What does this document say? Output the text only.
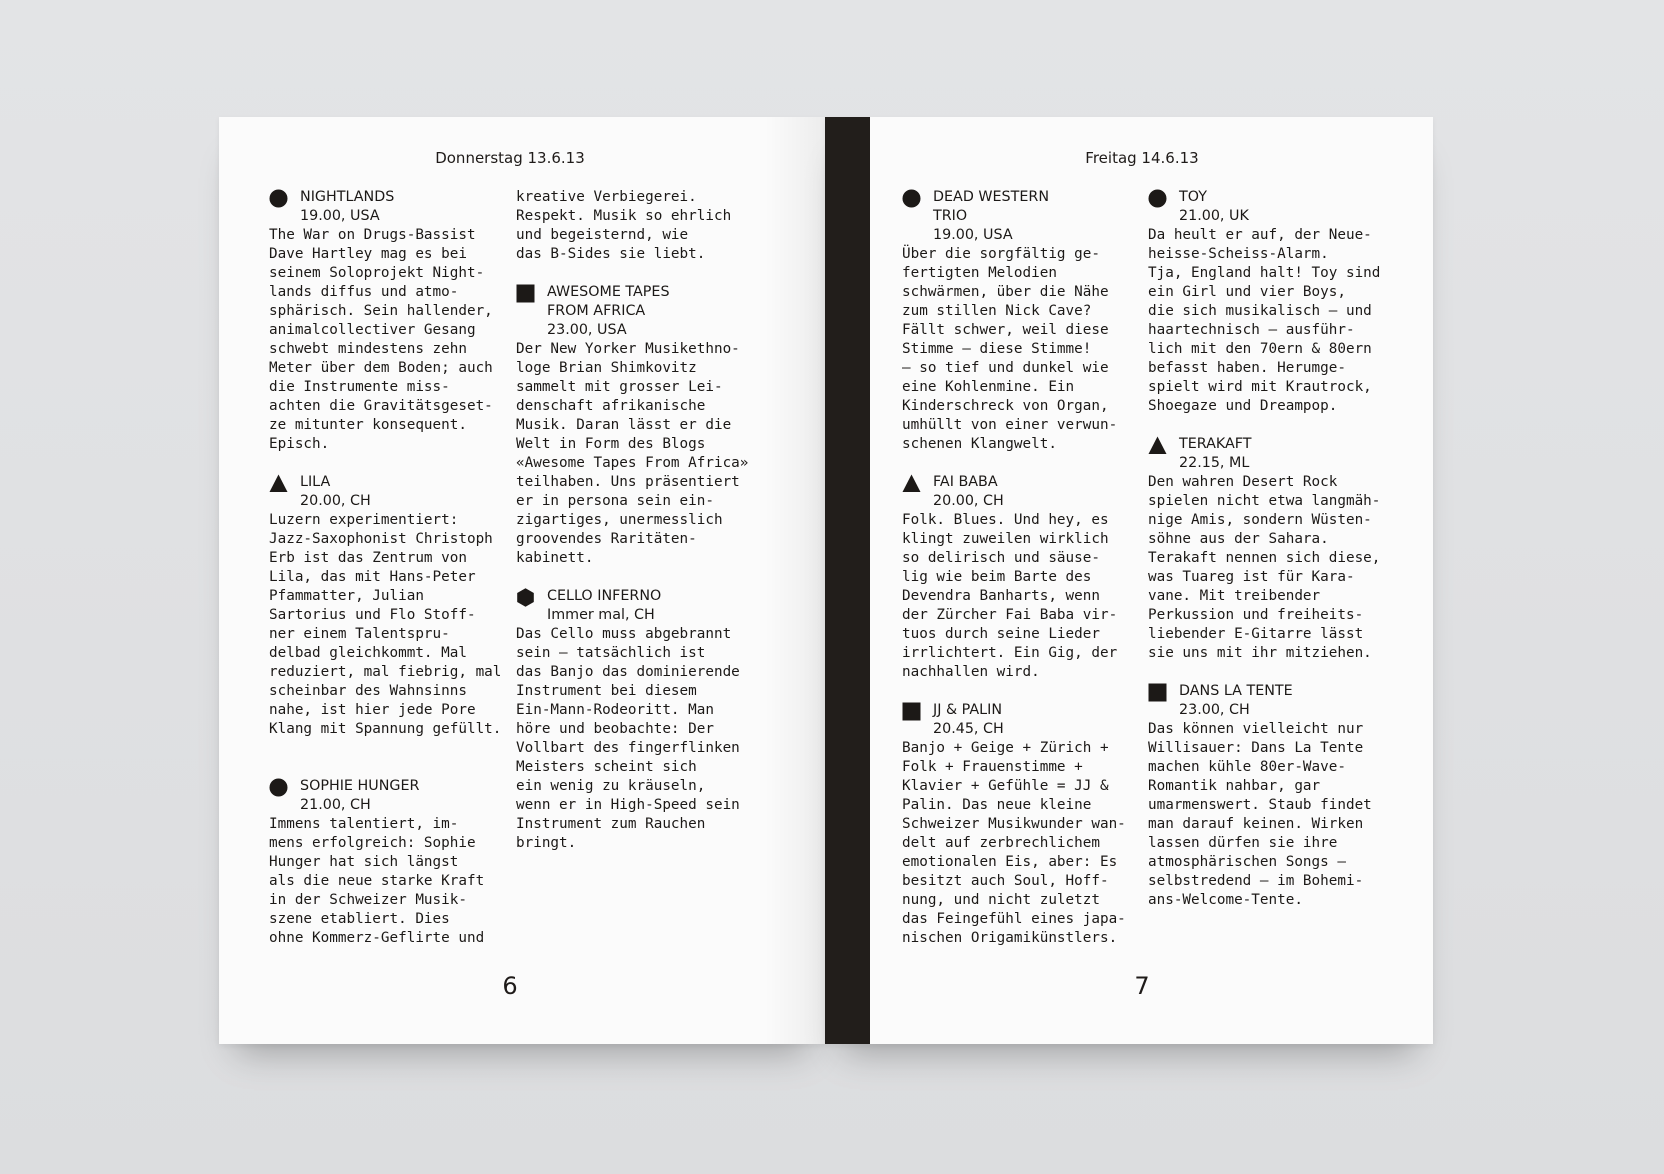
Donnerstag 13.6.13	Freitag 14.6.13
6	7
NIGHTLANDS
19.00, USA

The War on Drugs-Bassist
Dave Hartley mag es bei
seinem Soloprojekt Night-
lands diffus und atmo-
sphärisch. Sein hallender,
animalcollectiver Gesang
schwebt mindestens zehn
Meter über dem Boden; auch
die Instrumente miss-
achten die Gravitätsgeset-
ze mitunter konsequent.
Episch.

LILA
20.00, CH

Luzern experimentiert:
Jazz-Saxophonist Christoph
Erb ist das Zentrum von
Lila, das mit Hans-Peter
Pfammatter, Julian
Sartorius und Flo Stoff-
ner einem Talentspru-
delbad gleichkommt. Mal
reduziert, mal fiebrig, mal
scheinbar des Wahnsinns
nahe, ist hier jede Pore
Klang mit Spannung gefüllt.

SOPHIE HUNGER
21.00, CH

Immens talentiert, im-
mens erfolgreich: Sophie
Hunger hat sich längst
als die neue starke Kraft
in der Schweizer Musik-
szene etabliert. Dies
ohne Kommerz-Geflirte und

kreative Verbiegerei.
Respekt. Musik so ehrlich
und begeisternd, wie
das B-Sides sie liebt.

AWESOME TAPES
FROM AFRICA
23.00, USA

Der New Yorker Musikethno-
loge Brian Shimkovitz
sammelt mit grosser Lei-
denschaft afrikanische
Musik. Daran lässt er die
Welt in Form des Blogs
«Awesome Tapes From Africa»
teilhaben. Uns präsentiert
er in persona sein ein-
zigartiges, unermesslich
groovendes Raritäten-
kabinett.

CELLO INFERNO
Immer mal, CH

Das Cello muss abgebrannt
sein – tatsächlich ist
das Banjo das dominierende
Instrument bei diesem
Ein-Mann-Rodeoritt. Man
höre und beobachte: Der
Vollbart des fingerflinken
Meisters scheint sich
ein wenig zu kräuseln,
wenn er in High-Speed sein
Instrument zum Rauchen
bringt.

DEAD WESTERN
TRIO
19.00, USA

Über die sorgfältig ge-
fertigten Melodien
schwärmen, über die Nähe
zum stillen Nick Cave?
Fällt schwer, weil diese
Stimme – diese Stimme!
– so tief und dunkel wie
eine Kohlenmine. Ein
Kinderschreck von Organ,
umhüllt von einer verwun-
schenen Klangwelt.

FAI BABA
20.00, CH

Folk. Blues. Und hey, es
klingt zuweilen wirklich
so delirisch und säuse-
lig wie beim Barte des
Devendra Banharts, wenn
der Zürcher Fai Baba vir-
tuos durch seine Lieder
irrlichtert. Ein Gig, der
nachhallen wird.

JJ & PALIN
20.45, CH

Banjo + Geige + Zürich +
Folk + Frauenstimme +
Klavier + Gefühle = JJ &
Palin. Das neue kleine
Schweizer Musikwunder wan-
delt auf zerbrechlichem
emotionalen Eis, aber: Es
besitzt auch Soul, Hoff-
nung, und nicht zuletzt
das Feingefühl eines japa-
nischen Origamikünstlers.

TOY
21.00, UK

Da heult er auf, der Neue-
heisse-Scheiss-Alarm.
Tja, England halt! Toy sind
ein Girl und vier Boys,
die sich musikalisch – und
haartechnisch – ausführ-
lich mit den 70ern & 80ern
befasst haben. Herumge-
spielt wird mit Krautrock,
Shoegaze und Dreampop.

TERAKAFT
22.15, ML

Den wahren Desert Rock
spielen nicht etwa langmäh-
nige Amis, sondern Wüsten-
söhne aus der Sahara.
Terakaft nennen sich diese,
was Tuareg ist für Kara-
vane. Mit treibender
Perkussion und freiheits-
liebender E-Gitarre lässt
sie uns mit ihr mitziehen.

DANS LA TENTE
23.00, CH

Das können vielleicht nur
Willisauer: Dans La Tente
machen kühle 80er-Wave-
Romantik nahbar, gar
umarmenswert. Staub findet
man darauf keinen. Wirken
lassen dürfen sie ihre
atmosphärischen Songs –
selbstredend – im Bohemi-
ans-Welcome-Tente.
